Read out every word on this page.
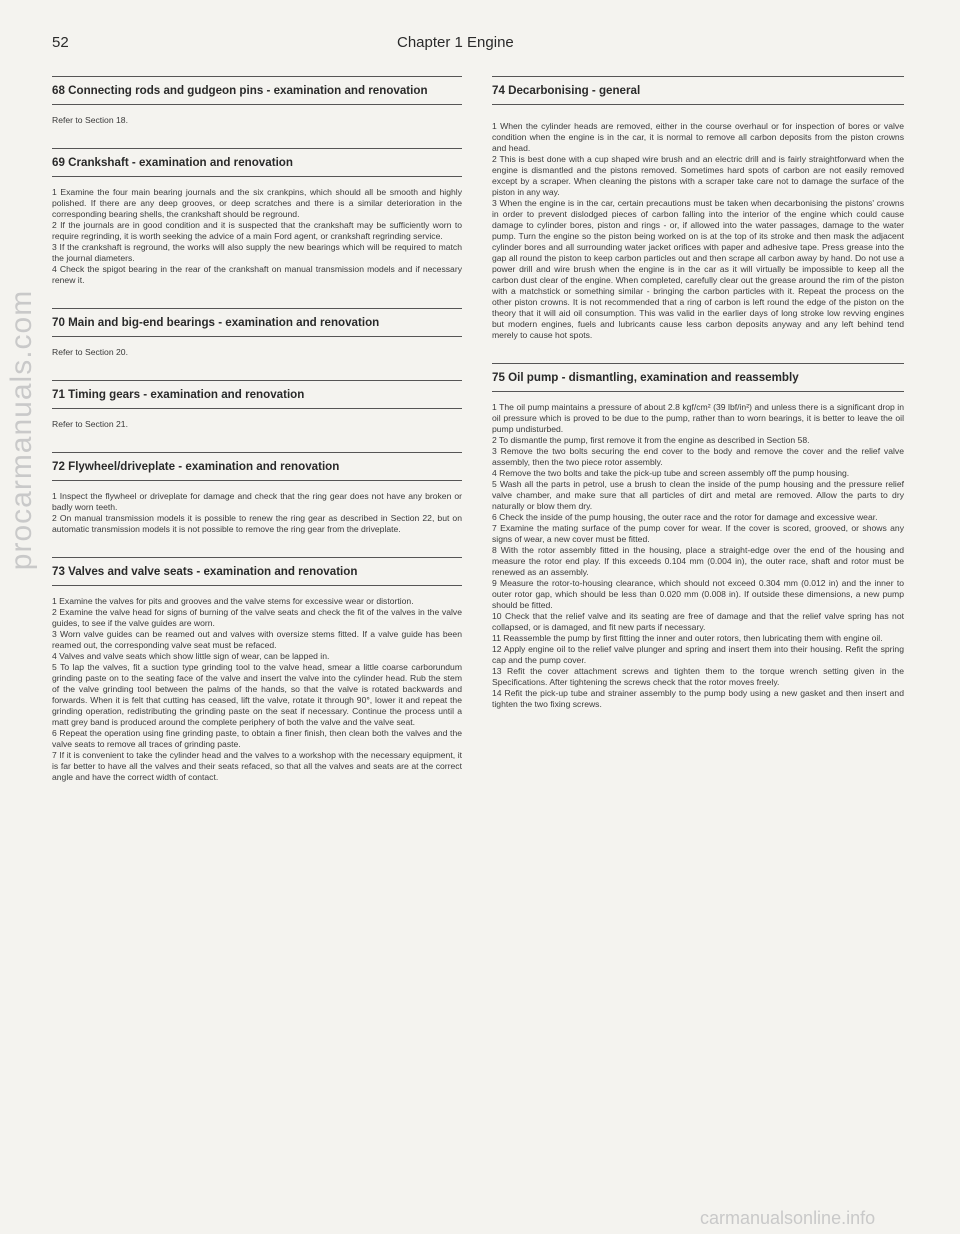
procarmanuals.com
52	Chapter 1 Engine
68 Connecting rods and gudgeon pins - examination and renovation

Refer to Section 18.

69 Crankshaft - examination and renovation

1 Examine the four main bearing journals and the six crankpins, which should all be smooth and highly polished. If there are any deep grooves, or deep scratches and there is a similar deterioration in the corresponding bearing shells, the crankshaft should be reground.

2 If the journals are in good condition and it is suspected that the crankshaft may be sufficiently worn to require regrinding, it is worth seeking the advice of a main Ford agent, or crankshaft regrinding service.

3 If the crankshaft is reground, the works will also supply the new bearings which will be required to match the journal diameters.

4 Check the spigot bearing in the rear of the crankshaft on manual transmission models and if necessary renew it.

70 Main and big-end bearings - examination and renovation

Refer to Section 20.

71 Timing gears - examination and renovation

Refer to Section 21.

72 Flywheel/driveplate - examination and renovation

1 Inspect the flywheel or driveplate for damage and check that the ring gear does not have any broken or badly worn teeth.

2 On manual transmission models it is possible to renew the ring gear as described in Section 22, but on automatic transmission models it is not possible to remove the ring gear from the driveplate.

73 Valves and valve seats - examination and renovation

1 Examine the valves for pits and grooves and the valve stems for excessive wear or distortion.

2 Examine the valve head for signs of burning of the valve seats and check the fit of the valves in the valve guides, to see if the valve guides are worn.

3 Worn valve guides can be reamed out and valves with oversize stems fitted. If a valve guide has been reamed out, the corresponding valve seat must be refaced.

4 Valves and valve seats which show little sign of wear, can be lapped in.

5 To lap the valves, fit a suction type grinding tool to the valve head, smear a little coarse carborundum grinding paste on to the seating face of the valve and insert the valve into the cylinder head. Rub the stem of the valve grinding tool between the palms of the hands, so that the valve is rotated backwards and forwards. When it is felt that cutting has ceased, lift the valve, rotate it through 90°, lower it and repeat the grinding operation, redistributing the grinding paste on the seat if necessary. Continue the process until a matt grey band is produced around the complete periphery of both the valve and the valve seat.

6 Repeat the operation using fine grinding paste, to obtain a finer finish, then clean both the valves and the valve seats to remove all traces of grinding paste.

7 If it is convenient to take the cylinder head and the valves to a workshop with the necessary equipment, it is far better to have all the valves and their seats refaced, so that all the valves and seats are at the correct angle and have the correct width of contact.

74 Decarbonising - general

1 When the cylinder heads are removed, either in the course overhaul or for inspection of bores or valve condition when the engine is in the car, it is normal to remove all carbon deposits from the piston crowns and head.

2 This is best done with a cup shaped wire brush and an electric drill and is fairly straightforward when the engine is dismantled and the pistons removed. Sometimes hard spots of carbon are not easily removed except by a scraper. When cleaning the pistons with a scraper take care not to damage the surface of the piston in any way.

3 When the engine is in the car, certain precautions must be taken when decarbonising the pistons' crowns in order to prevent dislodged pieces of carbon falling into the interior of the engine which could cause damage to cylinder bores, piston and rings - or, if allowed into the water passages, damage to the water pump. Turn the engine so the piston being worked on is at the top of its stroke and then mask the adjacent cylinder bores and all surrounding water jacket orifices with paper and adhesive tape. Press grease into the gap all round the piston to keep carbon particles out and then scrape all carbon away by hand. Do not use a power drill and wire brush when the engine is in the car as it will virtually be impossible to keep all the carbon dust clear of the engine. When completed, carefully clear out the grease around the rim of the piston with a matchstick or something similar - bringing the carbon particles with it. Repeat the process on the other piston crowns. It is not recommended that a ring of carbon is left round the edge of the piston on the theory that it will aid oil consumption. This was valid in the earlier days of long stroke low revving engines but modern engines, fuels and lubricants cause less carbon deposits anyway and any left behind tend merely to cause hot spots.

75 Oil pump - dismantling, examination and reassembly

1 The oil pump maintains a pressure of about 2.8 kgf/cm² (39 lbf/in²) and unless there is a significant drop in oil pressure which is proved to be due to the pump, rather than to worn bearings, it is better to leave the oil pump undisturbed.

2 To dismantle the pump, first remove it from the engine as described in Section 58.

3 Remove the two bolts securing the end cover to the body and remove the cover and the relief valve assembly, then the two piece rotor assembly.

4 Remove the two bolts and take the pick-up tube and screen assembly off the pump housing.

5 Wash all the parts in petrol, use a brush to clean the inside of the pump housing and the pressure relief valve chamber, and make sure that all particles of dirt and metal are removed. Allow the parts to dry naturally or blow them dry.

6 Check the inside of the pump housing, the outer race and the rotor for damage and excessive wear.

7 Examine the mating surface of the pump cover for wear. If the cover is scored, grooved, or shows any signs of wear, a new cover must be fitted.

8 With the rotor assembly fitted in the housing, place a straight-edge over the end of the housing and measure the rotor end play. If this exceeds 0.104 mm (0.004 in), the outer race, shaft and rotor must be renewed as an assembly.

9 Measure the rotor-to-housing clearance, which should not exceed 0.304 mm (0.012 in) and the inner to outer rotor gap, which should be less than 0.020 mm (0.008 in). If outside these dimensions, a new pump should be fitted.

10 Check that the relief valve and its seating are free of damage and that the relief valve spring has not collapsed, or is damaged, and fit new parts if necessary.

11 Reassemble the pump by first fitting the inner and outer rotors, then lubricating them with engine oil.

12 Apply engine oil to the relief valve plunger and spring and insert them into their housing. Refit the spring cap and the pump cover.

13 Refit the cover attachment screws and tighten them to the torque wrench setting given in the Specifications. After tightening the screws check that the rotor moves freely.

14 Refit the pick-up tube and strainer assembly to the pump body using a new gasket and then insert and tighten the two fixing screws.

carmanualsonline.info
